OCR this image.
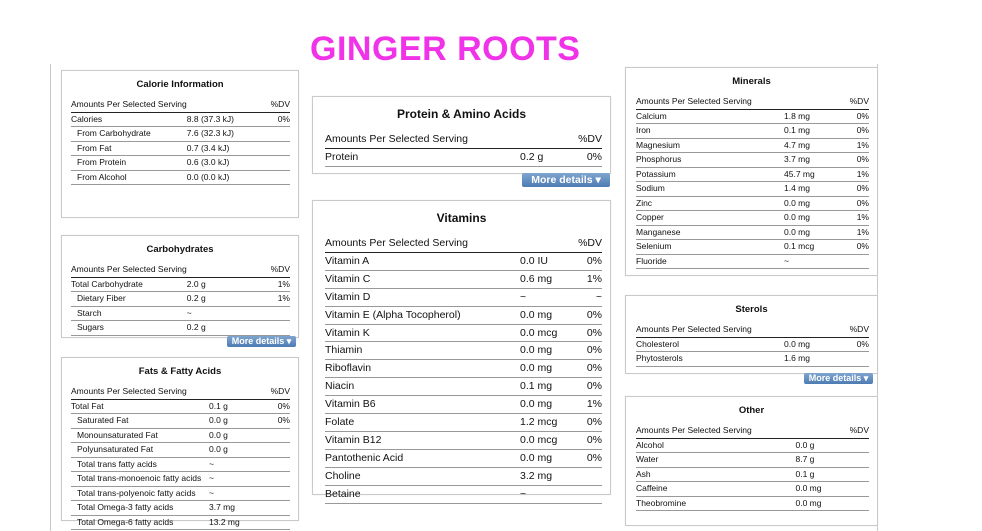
GINGER ROOTS
Calorie Information
Amounts Per Selected Serving		%DV
Calories	8.8 (37.3 kJ)	0%
From Carbohydrate	7.6 (32.3 kJ)	
From Fat	0.7 (3.4 kJ)	
From Protein	0.6 (3.0 kJ)	
From Alcohol	0.0 (0.0 kJ)	
Carbohydrates
Amounts Per Selected Serving		%DV
Total Carbohydrate	2.0 g	1%
Dietary Fiber	0.2 g	1%
Starch	~	
Sugars	0.2 g	
More details ▾
Fats & Fatty Acids
Amounts Per Selected Serving		%DV
Total Fat	0.1 g	0%
Saturated Fat	0.0 g	0%
Monounsaturated Fat	0.0 g	
Polyunsaturated Fat	0.0 g	
Total trans fatty acids	~	
Total trans-monoenoic fatty acids	~	
Total trans-polyenoic fatty acids	~	
Total Omega-3 fatty acids	3.7 mg	
Total Omega-6 fatty acids	13.2 mg	
Protein & Amino Acids
Amounts Per Selected Serving		%DV
Protein	0.2 g	0%
More details ▾
Vitamins
Amounts Per Selected Serving		%DV
Vitamin A	0.0 IU	0%
Vitamin C	0.6 mg	1%
Vitamin D	~	~
Vitamin E (Alpha Tocopherol)	0.0 mg	0%
Vitamin K	0.0 mcg	0%
Thiamin	0.0 mg	0%
Riboflavin	0.0 mg	0%
Niacin	0.1 mg	0%
Vitamin B6	0.0 mg	1%
Folate	1.2 mcg	0%
Vitamin B12	0.0 mcg	0%
Pantothenic Acid	0.0 mg	0%
Choline	3.2 mg	
Betaine	~	
Minerals
Amounts Per Selected Serving		%DV
Calcium	1.8 mg	0%
Iron	0.1 mg	0%
Magnesium	4.7 mg	1%
Phosphorus	3.7 mg	0%
Potassium	45.7 mg	1%
Sodium	1.4 mg	0%
Zinc	0.0 mg	0%
Copper	0.0 mg	1%
Manganese	0.0 mg	1%
Selenium	0.1 mcg	0%
Fluoride	~	
Sterols
Amounts Per Selected Serving		%DV
Cholesterol	0.0 mg	0%
Phytosterols	1.6 mg	
More details ▾
Other
Amounts Per Selected Serving		%DV
Alcohol	0.0 g	
Water	8.7 g	
Ash	0.1 g	
Caffeine	0.0 mg	
Theobromine	0.0 mg	
